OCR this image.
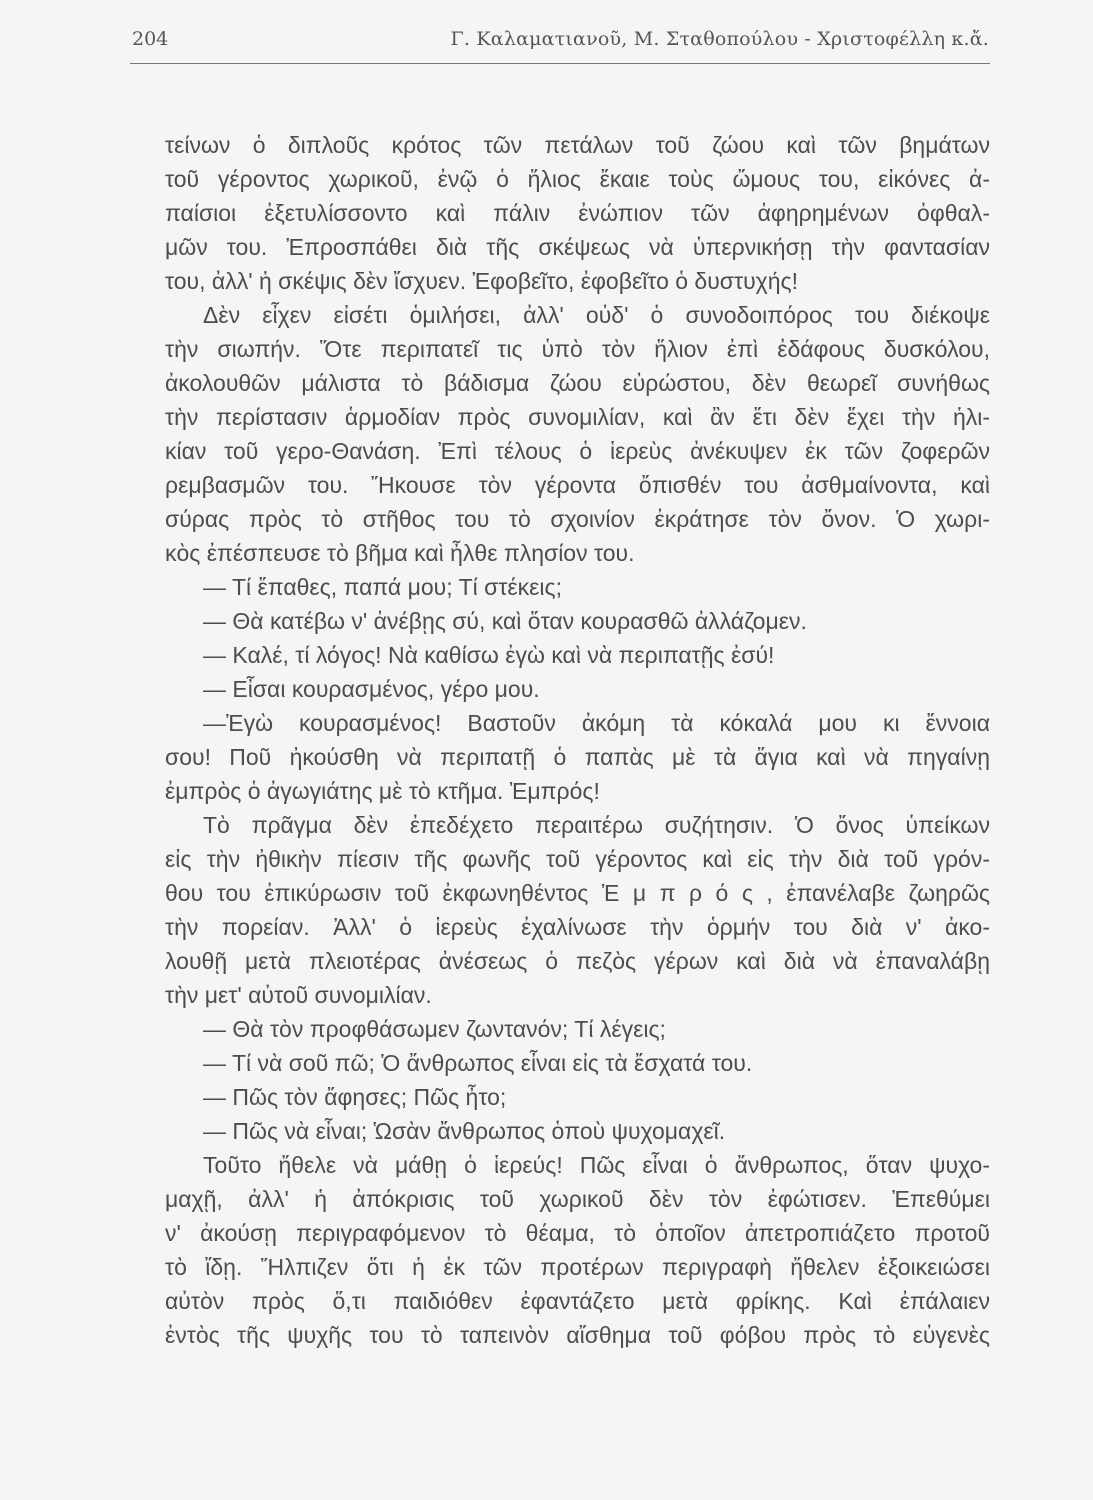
204	Γ. Καλαματιανοῦ, Μ. Σταθοπούλου - Χριστοφέλλη κ.ἄ.
τείνων ὁ διπλοῦς κρότος τῶν πετάλων τοῦ ζώου καὶ τῶν βημάτων
τοῦ γέροντος χωρικοῦ, ἐνῷ ὁ ἥλιος ἔκαιε τοὺς ὤμους του, εἰκόνες ἀ-
παίσιοι ἐξετυλίσσοντο καὶ πάλιν ἐνώπιον τῶν ἀφηρημένων ὀφθαλ-
μῶν του. Ἐπροσπάθει διὰ τῆς σκέψεως νὰ ὑπερνικήσῃ τὴν φαντασίαν
του, ἀλλ' ἡ σκέψις δὲν ἴσχυεν. Ἐφοβεῖτο, ἐφοβεῖτο ὁ δυστυχής!
Δὲν εἶχεν εἰσέτι ὁμιλήσει, ἀλλ' οὐδ' ὁ συνοδοιπόρος του διέκοψε
τὴν σιωπήν. Ὅτε περιπατεῖ τις ὑπὸ τὸν ἥλιον ἐπὶ ἐδάφους δυσκόλου,
ἀκολουθῶν μάλιστα τὸ βάδισμα ζώου εὐρώστου, δὲν θεωρεῖ συνήθως
τὴν περίστασιν ἁρμοδίαν πρὸς συνομιλίαν, καὶ ἂν ἔτι δὲν ἔχει τὴν ἡλι-
κίαν τοῦ γερο-Θανάση. Ἐπὶ τέλους ὁ ἱερεὺς ἀνέκυψεν ἐκ τῶν ζοφερῶν
ρεμβασμῶν του. Ἤκουσε τὸν γέροντα ὄπισθέν του ἀσθμαίνοντα, καὶ
σύρας πρὸς τὸ στῆθος του τὸ σχοινίον ἐκράτησε τὸν ὄνον. Ὁ χωρι-
κὸς ἐπέσπευσε τὸ βῆμα καὶ ἦλθε πλησίον του.
— Τί ἔπαθες, παπά μου; Τί στέκεις;
— Θὰ κατέβω ν' ἀνέβῃς σύ, καὶ ὅταν κουρασθῶ ἀλλάζομεν.
— Καλέ, τί λόγος! Νὰ καθίσω ἐγὼ καὶ νὰ περιπατῇς ἐσύ!
— Εἶσαι κουρασμένος, γέρο μου.
—Ἐγὼ κουρασμένος! Βαστοῦν ἀκόμη τὰ κόκαλά μου κι ἔννοια
σου! Ποῦ ἠκούσθη νὰ περιπατῇ ὁ παπὰς μὲ τὰ ἅγια καὶ νὰ πηγαίνῃ
ἐμπρὸς ὁ ἀγωγιάτης μὲ τὸ κτῆμα. Ἐμπρός!
Τὸ πρᾶγμα δὲν ἐπεδέχετο περαιτέρω συζήτησιν. Ὁ ὄνος ὑπείκων
εἰς τὴν ἠθικὴν πίεσιν τῆς φωνῆς τοῦ γέροντος καὶ εἰς τὴν διὰ τοῦ γρόν-
θου του ἐπικύρωσιν τοῦ ἐκφωνηθέντος Ἐ μ π ρ ό ς , ἐπανέλαβε ζωηρῶς
τὴν πορείαν. Ἀλλ' ὁ ἱερεὺς ἐχαλίνωσε τὴν ὁρμήν του διὰ ν' ἀκο-
λουθῇ μετὰ πλειοτέρας ἀνέσεως ὁ πεζὸς γέρων καὶ διὰ νὰ ἐπαναλάβῃ
τὴν μετ' αὐτοῦ συνομιλίαν.
— Θὰ τὸν προφθάσωμεν ζωντανόν; Τί λέγεις;
— Τί νὰ σοῦ πῶ; Ὁ ἄνθρωπος εἶναι εἰς τὰ ἔσχατά του.
— Πῶς τὸν ἄφησες; Πῶς ἦτο;
— Πῶς νὰ εἶναι; Ὡσὰν ἄνθρωπος ὁποὺ ψυχομαχεῖ.
Τοῦτο ἤθελε νὰ μάθῃ ὁ ἱερεύς! Πῶς εἶναι ὁ ἄνθρωπος, ὅταν ψυχο-
μαχῇ, ἀλλ' ἡ ἀπόκρισις τοῦ χωρικοῦ δὲν τὸν ἐφώτισεν. Ἐπεθύμει
ν' ἀκούσῃ περιγραφόμενον τὸ θέαμα, τὸ ὁποῖον ἀπετροπιάζετο προτοῦ
τὸ ἴδῃ. Ἤλπιζεν ὅτι ἡ ἐκ τῶν προτέρων περιγραφὴ ἤθελεν ἐξοικειώσει
αὐτὸν πρὸς ὅ,τι παιδιόθεν ἐφαντάζετο μετὰ φρίκης. Καὶ ἐπάλαιεν
ἐντὸς τῆς ψυχῆς του τὸ ταπεινὸν αἴσθημα τοῦ φόβου πρὸς τὸ εὐγενὲς
